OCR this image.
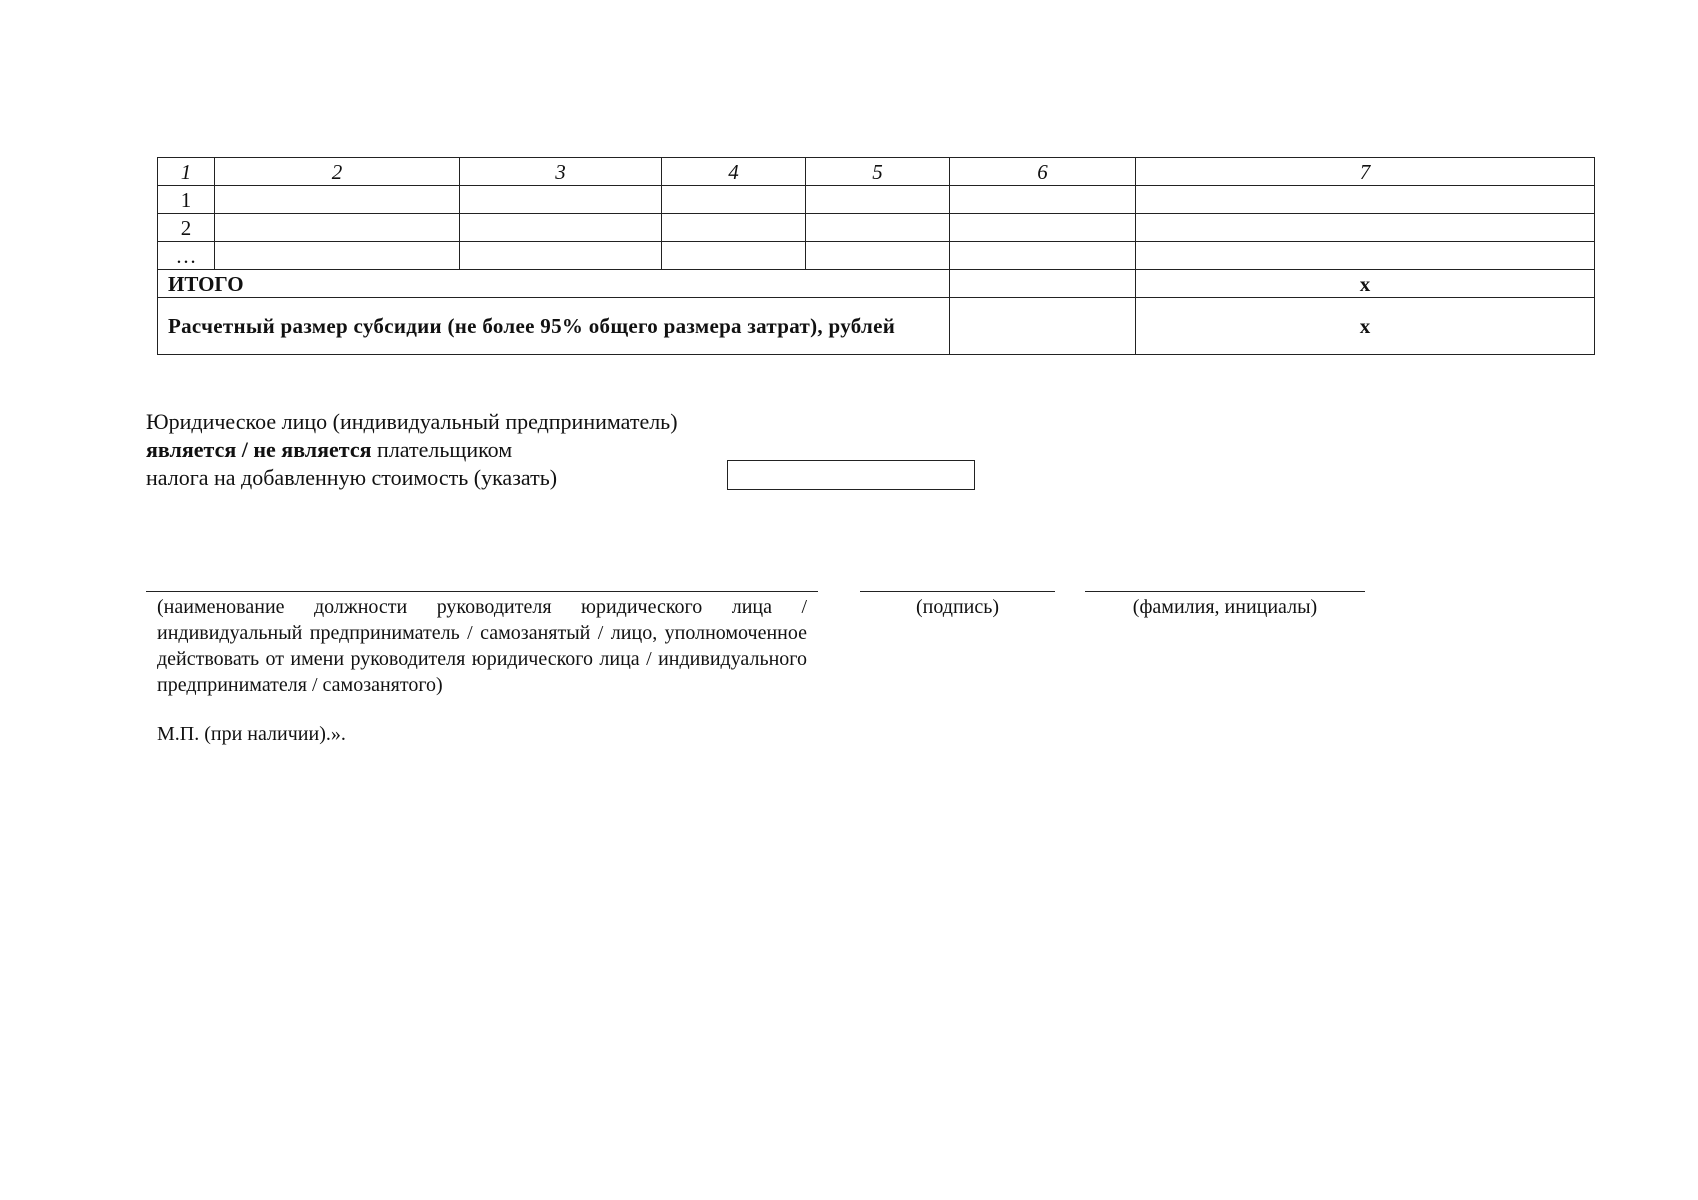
1	2	3	4	5	6	7
1						
2						
…						
ИТОГО						х
Расчетный размер субсидии (не более 95% общего размера затрат), рублей						х
Юридическое лицо (индивидуальный предприниматель)
является / не является плательщиком
налога на добавленную стоимость (указать)
(наименование должности руководителя юридического лица / индивидуальный предприниматель / самозанятый / лицо, уполномоченное действовать от имени руководителя юридического лица / индивидуального предпринимателя / самозанятого)
(подпись)	(фамилия, инициалы)
М.П. (при наличии).».
